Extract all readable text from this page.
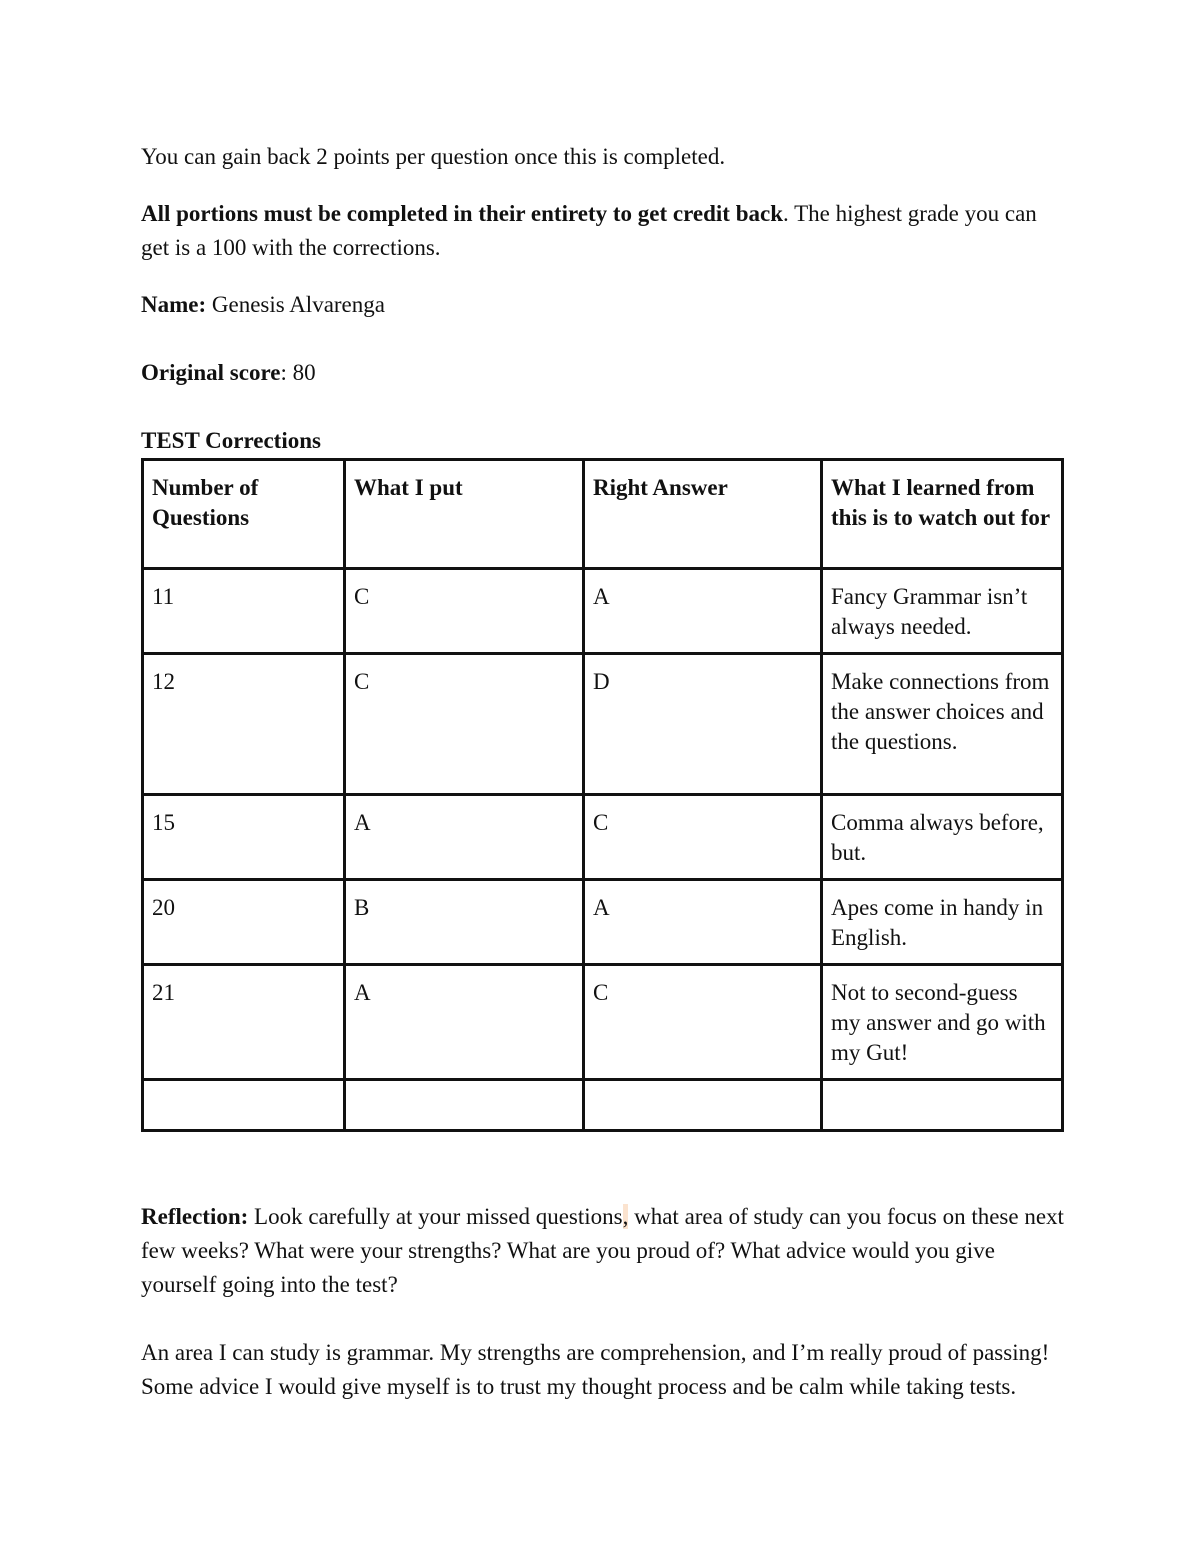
You can gain back 2 points per question once this is completed.

All portions must be completed in their entirety to get credit back. The highest grade you can get is a 100 with the corrections.

Name: Genesis Alvarenga

Original score: 80

TEST Corrections

Number of Questions	What I put	Right Answer	What I learned from this is to watch out for
11	C	A	Fancy Grammar isn’t always needed.
12	C	D	Make connections from the answer choices and the questions.
15	A	C	Comma always before, but.
20	B	A	Apes come in handy in English.
21	A	C	Not to second-guess my answer and go with my Gut!

Reflection: Look carefully at your missed questions, what area of study can you focus on these next few weeks? What were your strengths? What are you proud of? What advice would you give yourself going into the test?

An area I can study is grammar. My strengths are comprehension, and I’m really proud of passing! Some advice I would give myself is to trust my thought process and be calm while taking tests.
